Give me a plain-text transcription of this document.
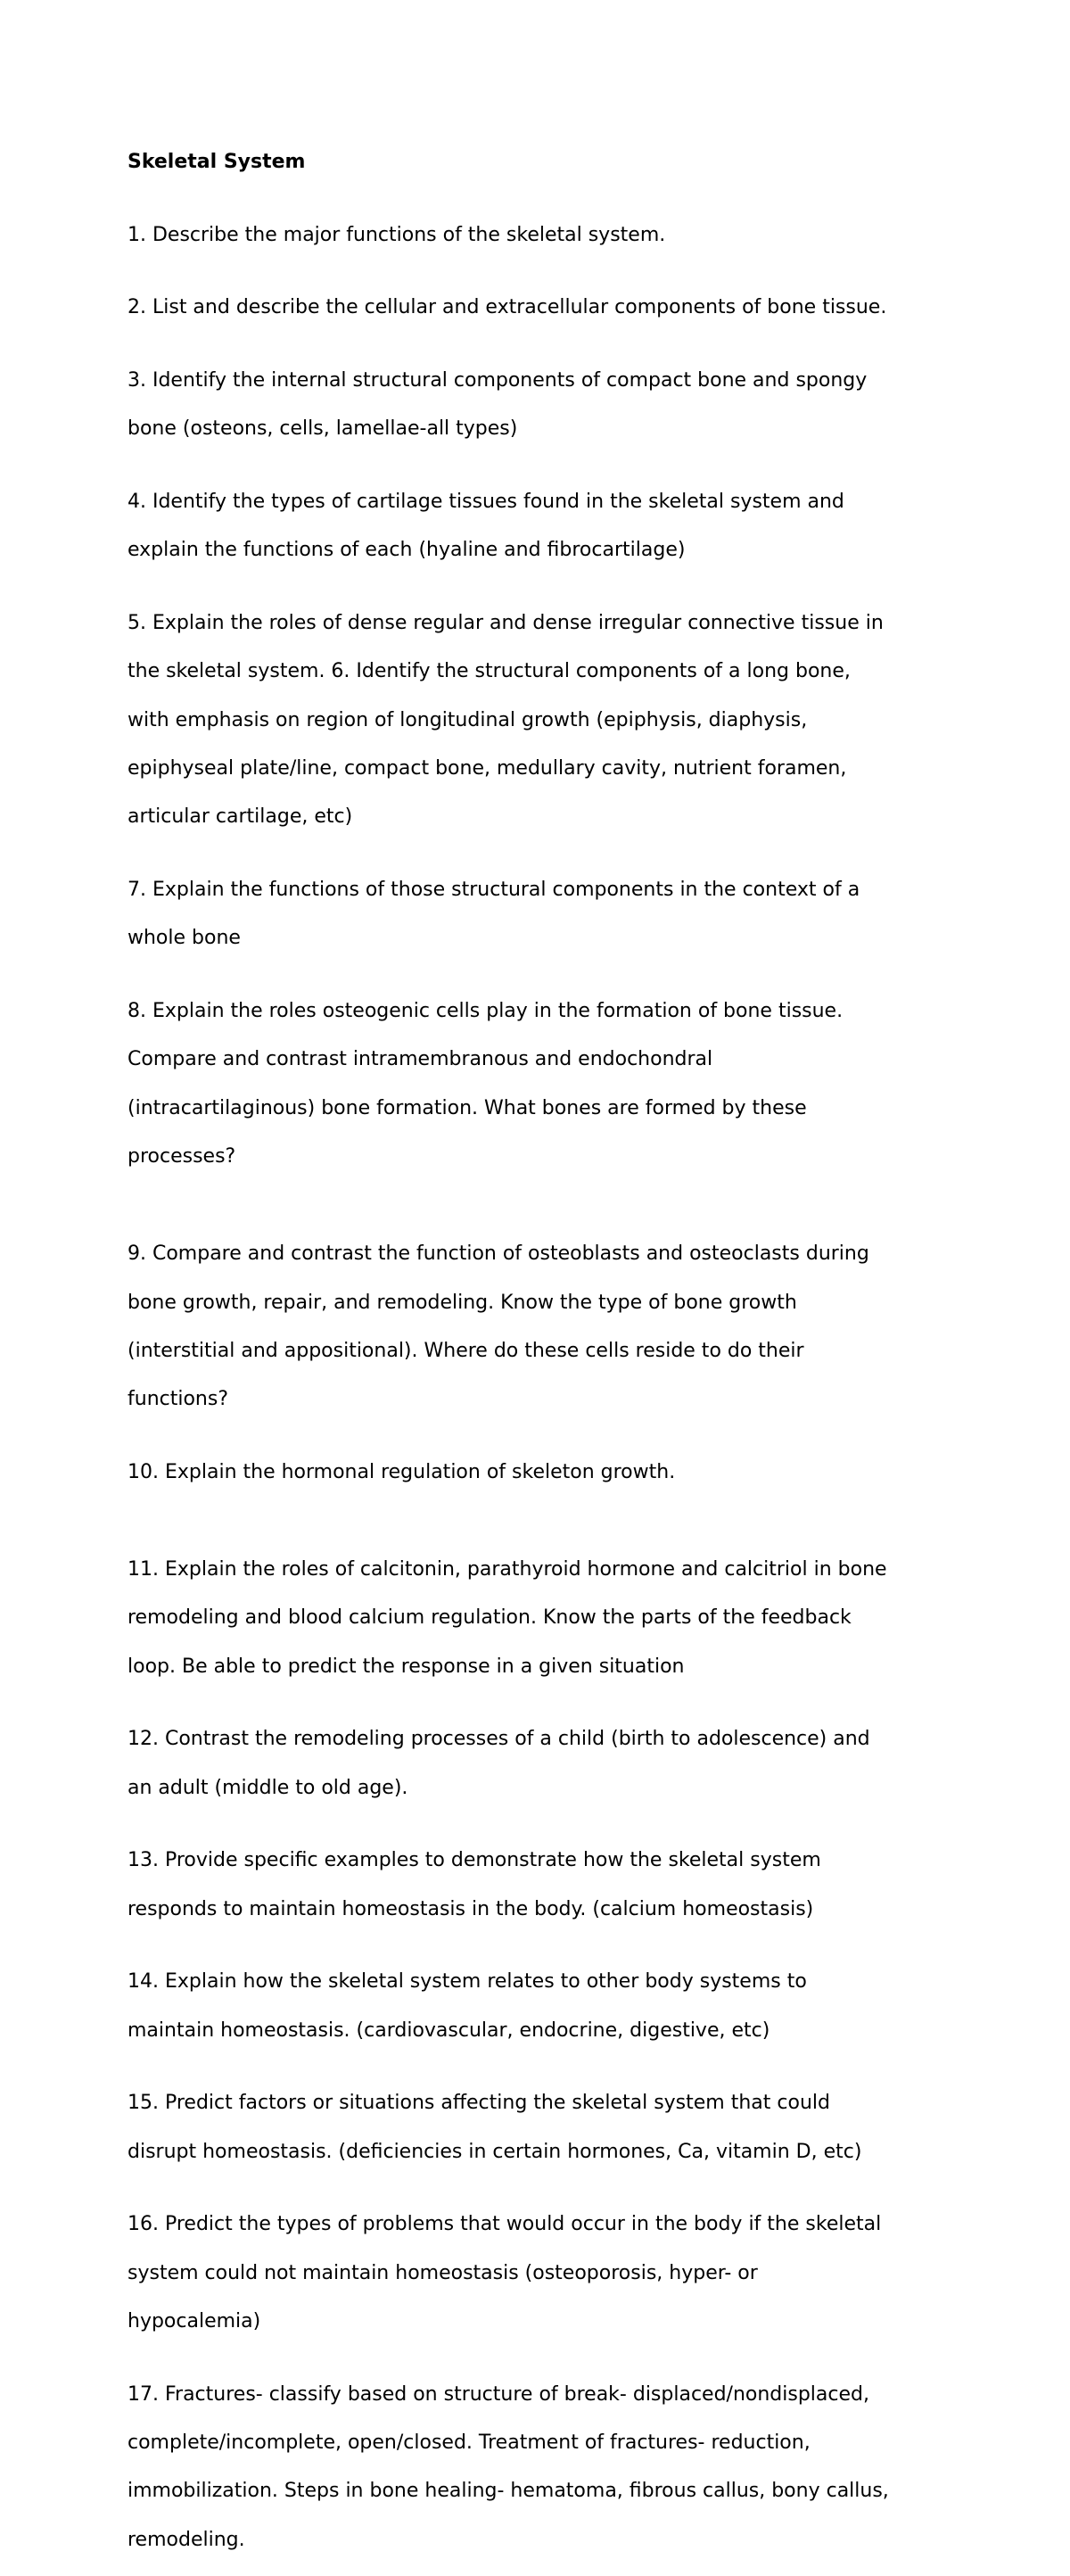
Skeletal System

1. Describe the major functions of the skeletal system.

2. List and describe the cellular and extracellular components of bone tissue.

3. Identify the internal structural components of compact bone and spongy

bone (osteons, cells, lamellae-all types)

4. Identify the types of cartilage tissues found in the skeletal system and

explain the functions of each (hyaline and fibrocartilage)

5. Explain the roles of dense regular and dense irregular connective tissue in

the skeletal system. 6. Identify the structural components of a long bone,

with emphasis on region of longitudinal growth (epiphysis, diaphysis,

epiphyseal plate/line, compact bone, medullary cavity, nutrient foramen,

articular cartilage, etc)

7. Explain the functions of those structural components in the context of a

whole bone

8. Explain the roles osteogenic cells play in the formation of bone tissue.

Compare and contrast intramembranous and endochondral

(intracartilaginous) bone formation. What bones are formed by these

processes?

9. Compare and contrast the function of osteoblasts and osteoclasts during

bone growth, repair, and remodeling. Know the type of bone growth

(interstitial and appositional). Where do these cells reside to do their

functions?

10. Explain the hormonal regulation of skeleton growth.

11. Explain the roles of calcitonin, parathyroid hormone and calcitriol in bone

remodeling and blood calcium regulation. Know the parts of the feedback

loop. Be able to predict the response in a given situation

12. Contrast the remodeling processes of a child (birth to adolescence) and

an adult (middle to old age).

13. Provide specific examples to demonstrate how the skeletal system

responds to maintain homeostasis in the body. (calcium homeostasis)

14. Explain how the skeletal system relates to other body systems to

maintain homeostasis. (cardiovascular, endocrine, digestive, etc)

15. Predict factors or situations affecting the skeletal system that could

disrupt homeostasis. (deficiencies in certain hormones, Ca, vitamin D, etc)

16. Predict the types of problems that would occur in the body if the skeletal

system could not maintain homeostasis (osteoporosis, hyper- or

hypocalemia)

17. Fractures- classify based on structure of break- displaced/nondisplaced,

complete/incomplete, open/closed. Treatment of fractures- reduction,

immobilization. Steps in bone healing- hematoma, fibrous callus, bony callus,

remodeling.
